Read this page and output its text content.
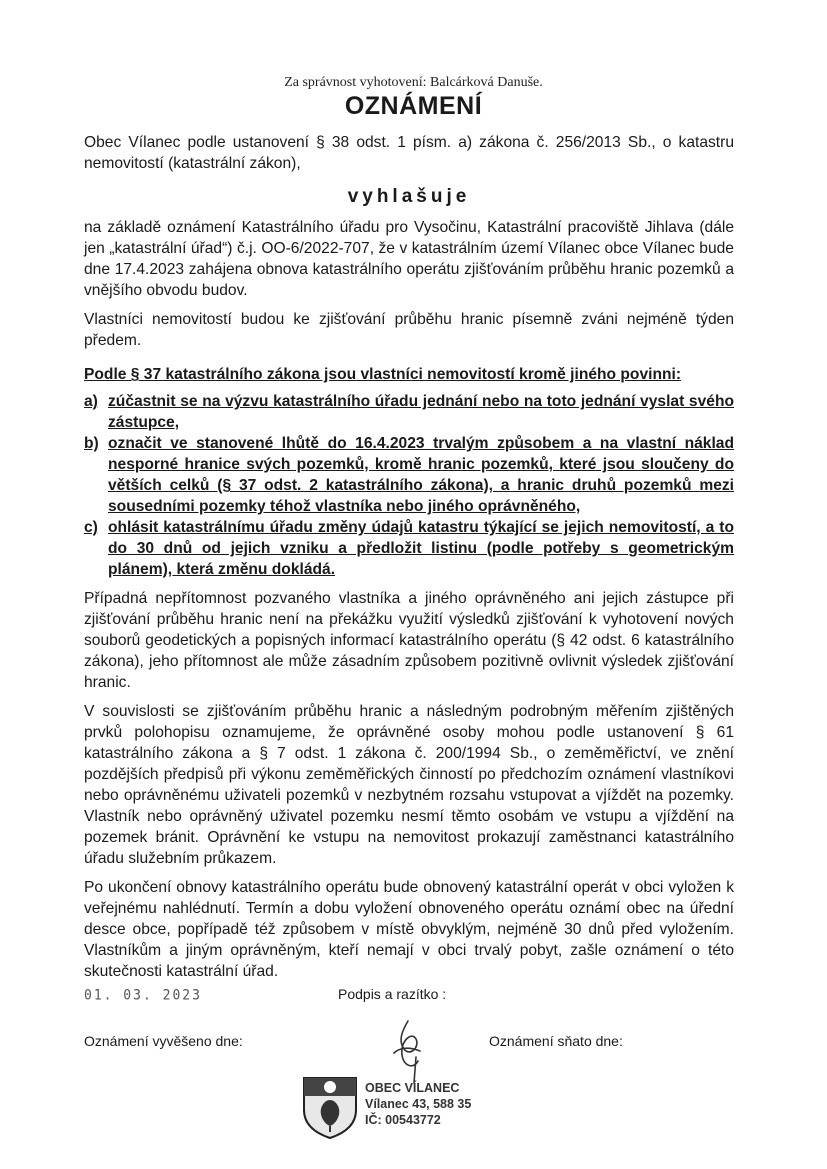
Za správnost vyhotovení: Balcárková Danuše.
OZNÁMENÍ

Obec Vílanec podle ustanovení § 38 odst. 1 písm. a) zákona č. 256/2013 Sb., o katastru nemovitostí (katastrální zákon),

vyhlašuje

na základě oznámení Katastrálního úřadu pro Vysočinu, Katastrální pracoviště Jihlava (dále jen „katastrální úřad“) č.j. OO-6/2022-707, že v katastrálním území Vílanec obce Vílanec bude dne 17.4.2023 zahájena obnova katastrálního operátu zjišťováním průběhu hranic pozemků a vnějšího obvodu budov.

Vlastníci nemovitostí budou ke zjišťování průběhu hranic písemně zváni nejméně týden předem.

Podle § 37 katastrálního zákona jsou vlastníci nemovitostí kromě jiného povinni:

a) zúčastnit se na výzvu katastrálního úřadu jednání nebo na toto jednání vyslat svého zástupce,
b) označit ve stanovené lhůtě do 16.4.2023 trvalým způsobem a na vlastní náklad nesporné hranice svých pozemků, kromě hranic pozemků, které jsou sloučeny do větších celků (§ 37 odst. 2 katastrálního zákona), a hranic druhů pozemků mezi sousedními pozemky téhož vlastníka nebo jiného oprávněného,
c) ohlásit katastrálnímu úřadu změny údajů katastru týkající se jejich nemovitostí, a to do 30 dnů od jejich vzniku a předložit listinu (podle potřeby s geometrickým plánem), která změnu dokládá.

Případná nepřítomnost pozvaného vlastníka a jiného oprávněného ani jejich zástupce při zjišťování průběhu hranic není na překážku využití výsledků zjišťování k vyhotovení nových souborů geodetických a popisných informací katastrálního operátu (§ 42 odst. 6 katastrálního zákona), jeho přítomnost ale může zásadním způsobem pozitivně ovlivnit výsledek zjišťování hranic.

V souvislosti se zjišťováním průběhu hranic a následným podrobným měřením zjištěných prvků polohopisu oznamujeme, že oprávněné osoby mohou podle ustanovení § 61 katastrálního zákona a § 7 odst. 1 zákona č. 200/1994 Sb., o zeměměřictví, ve znění pozdějších předpisů při výkonu zeměměřických činností po předchozím oznámení vlastníkovi nebo oprávněnému uživateli pozemků v nezbytném rozsahu vstupovat a vjíždět na pozemky. Vlastník nebo oprávněný uživatel pozemku nesmí těmto osobám ve vstupu a vjíždění na pozemek bránit. Oprávnění ke vstupu na nemovitost prokazují zaměstnanci katastrálního úřadu služebním průkazem.

Po ukončení obnovy katastrálního operátu bude obnovený katastrální operát v obci vyložen k veřejnému nahlédnutí. Termín a dobu vyložení obnoveného operátu oznámí obec na úřední desce obce, popřípadě též způsobem v místě obvyklým, nejméně 30 dnů před vyložením. Vlastníkům a jiným oprávněným, kteří nemají v obci trvalý pobyt, zašle oznámení o této skutečnosti katastrální úřad.

01. 03. 2023	Podpis a razítko :
Oznámení vyvěšeno dne:	Oznámení sňato dne:
OBEC VÍLANEC
Vílanec 43, 588 35
IČ: 00543772
